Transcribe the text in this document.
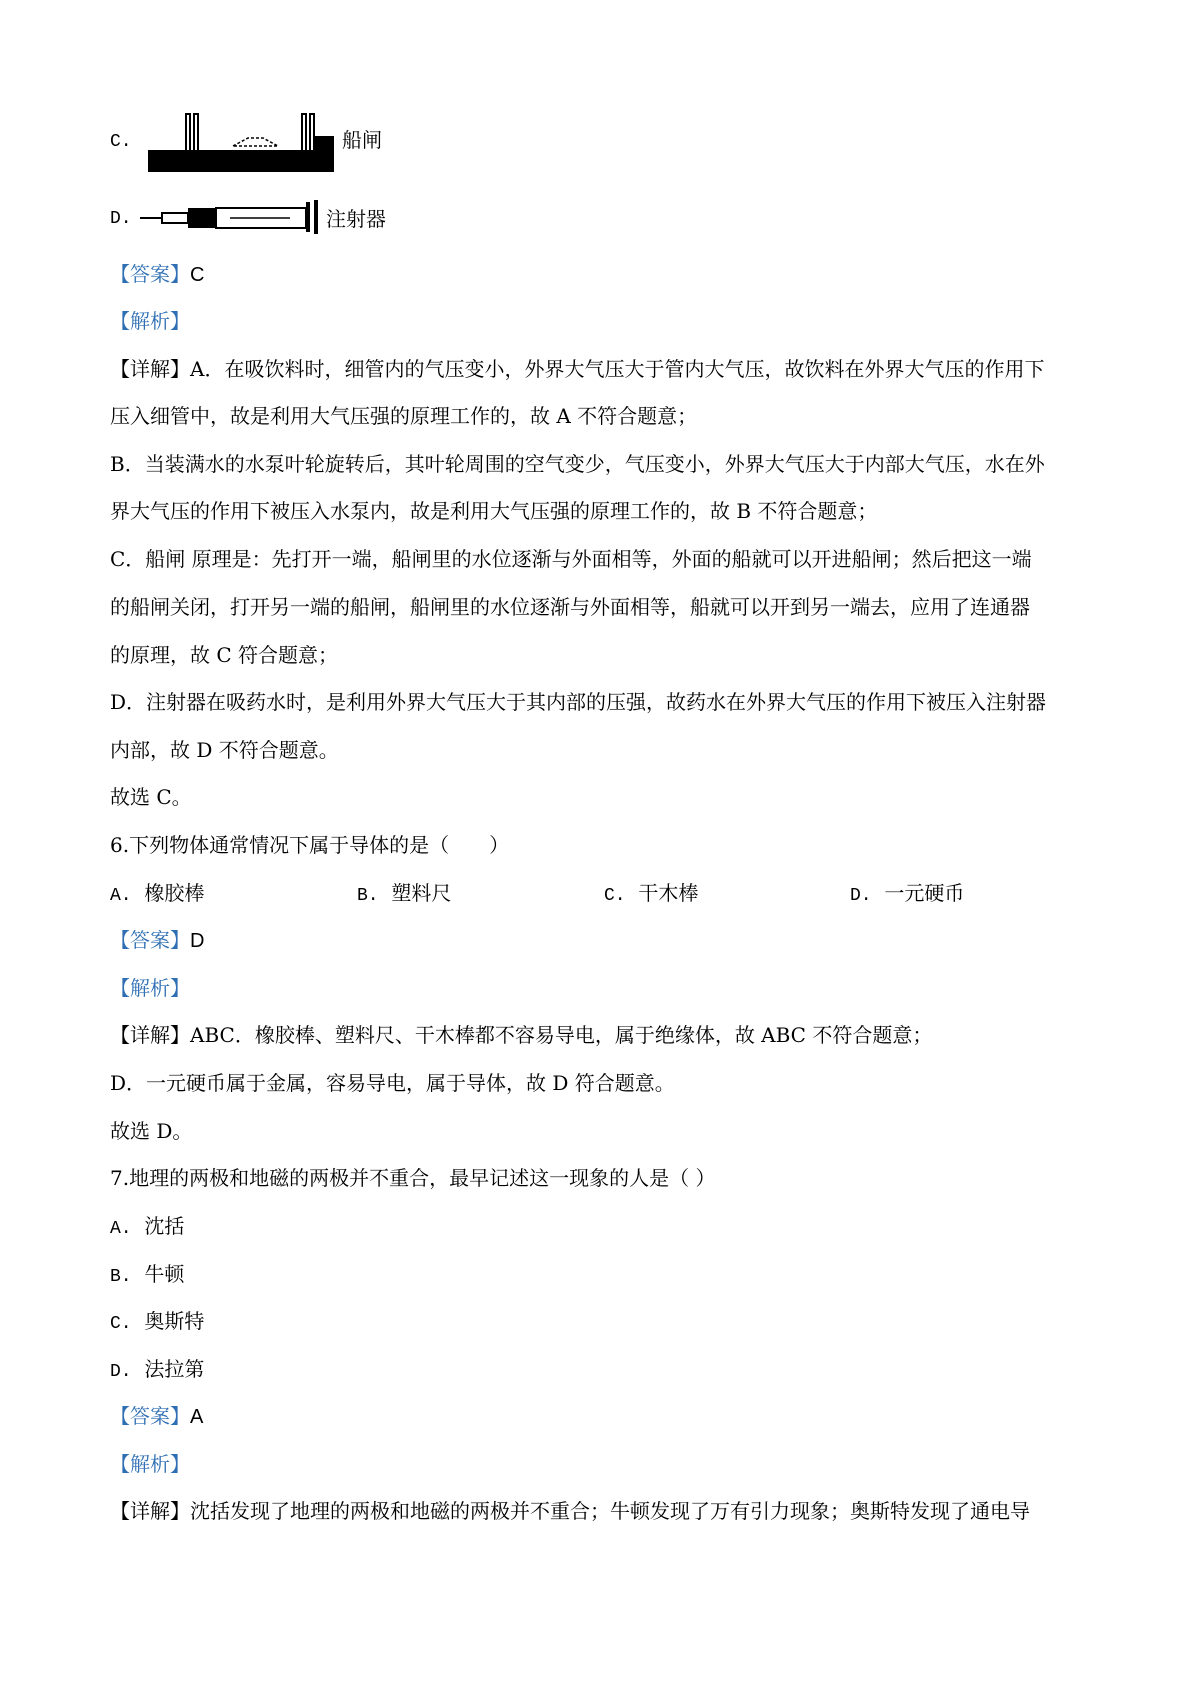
C.	船闸
D.	注射器
【答案】C
【解析】
【详解】A．在吸饮料时，细管内的气压变小，外界大气压大于管内大气压，故饮料在外界大气压的作用下
压入细管中，故是利用大气压强的原理工作的，故 A 不符合题意；
B．当装满水的水泵叶轮旋转后，其叶轮周围的空气变少，气压变小，外界大气压大于内部大气压，水在外
界大气压的作用下被压入水泵内，故是利用大气压强的原理工作的，故 B 不符合题意；
C．船闸 原理是：先打开一端，船闸里的水位逐渐与外面相等，外面的船就可以开进船闸；然后把这一端
的船闸关闭，打开另一端的船闸，船闸里的水位逐渐与外面相等，船就可以开到另一端去，应用了连通器
的原理，故 C 符合题意；
D．注射器在吸药水时，是利用外界大气压大于其内部的压强，故药水在外界大气压的作用下被压入注射器
内部，故 D 不符合题意。
故选 C。
6.下列物体通常情况下属于导体的是（　　）
A. 橡胶棒	B. 塑料尺	C. 干木棒	D. 一元硬币
【答案】D
【解析】
【详解】ABC．橡胶棒、塑料尺、干木棒都不容易导电，属于绝缘体，故 ABC 不符合题意；
D．一元硬币属于金属，容易导电，属于导体，故 D 符合题意。
故选 D。
7.地理的两极和地磁的两极并不重合，最早记述这一现象的人是（ ）
A. 沈括
B. 牛顿
C. 奥斯特
D. 法拉第
【答案】A
【解析】
【详解】沈括发现了地理的两极和地磁的两极并不重合；牛顿发现了万有引力现象；奥斯特发现了通电导
